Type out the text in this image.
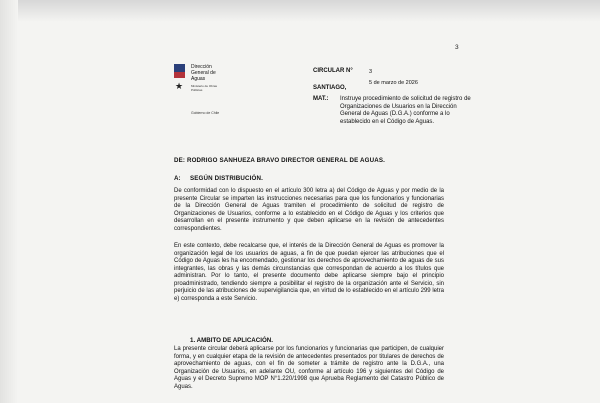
3
★
Dirección
General de
Aguas
Ministerio de Obras
Públicas
Gobierno de Chile
CIRCULAR N°	3
5 de marzo de 2026
SANTIAGO,
MAT.: Instruye procedimiento de solicitud de registro de Organizaciones de Usuarios en la Dirección General de Aguas (D.G.A.) conforme a lo establecido en el Código de Aguas.
DE: RODRIGO SANHUEZA BRAVO DIRECTOR GENERAL DE AGUAS.
A: SEGÚN DISTRIBUCIÓN.
De conformidad con lo dispuesto en el artículo 300 letra a) del Código de Aguas y por medio de la presente Circular se imparten las instrucciones necesarias para que los funcionarios y funcionarias de la Dirección General de Aguas tramiten el procedimiento de solicitud de registro de Organizaciones de Usuarios, conforme a lo establecido en el Código de Aguas y los criterios que desarrollan en el presente instrumento y que deben aplicarse en la revisión de antecedentes correspondientes.
En este contexto, debe recalcarse que, el interés de la Dirección General de Aguas es promover la organización legal de los usuarios de aguas, a fin de que puedan ejercer las atribuciones que el Código de Aguas les ha encomendado, gestionar los derechos de aprovechamiento de aguas de sus integrantes, las obras y las demás circunstancias que correspondan de acuerdo a los títulos que administran. Por lo tanto, el presente documento debe aplicarse siempre bajo el principio proadministrado, tendiendo siempre a posibilitar el registro de la organización ante el Servicio, sin perjuicio de las atribuciones de supervigilancia que, en virtud de lo establecido en el artículo 299 letra e) corresponda a este Servicio.
1. AMBITO DE APLICACIÓN.
La presente circular deberá aplicarse por los funcionarios y funcionarias que participen, de cualquier forma, y en cualquier etapa de la revisión de antecedentes presentados por titulares de derechos de aprovechamiento de aguas, con el fin de someter a trámite de registro ante la D.G.A., una Organización de Usuarios, en adelante OU, conforme al artículo 196 y siguientes del Código de Aguas y el Decreto Supremo MOP N°1.220/1998 que Aprueba Reglamento del Catastro Público de Aguas.
